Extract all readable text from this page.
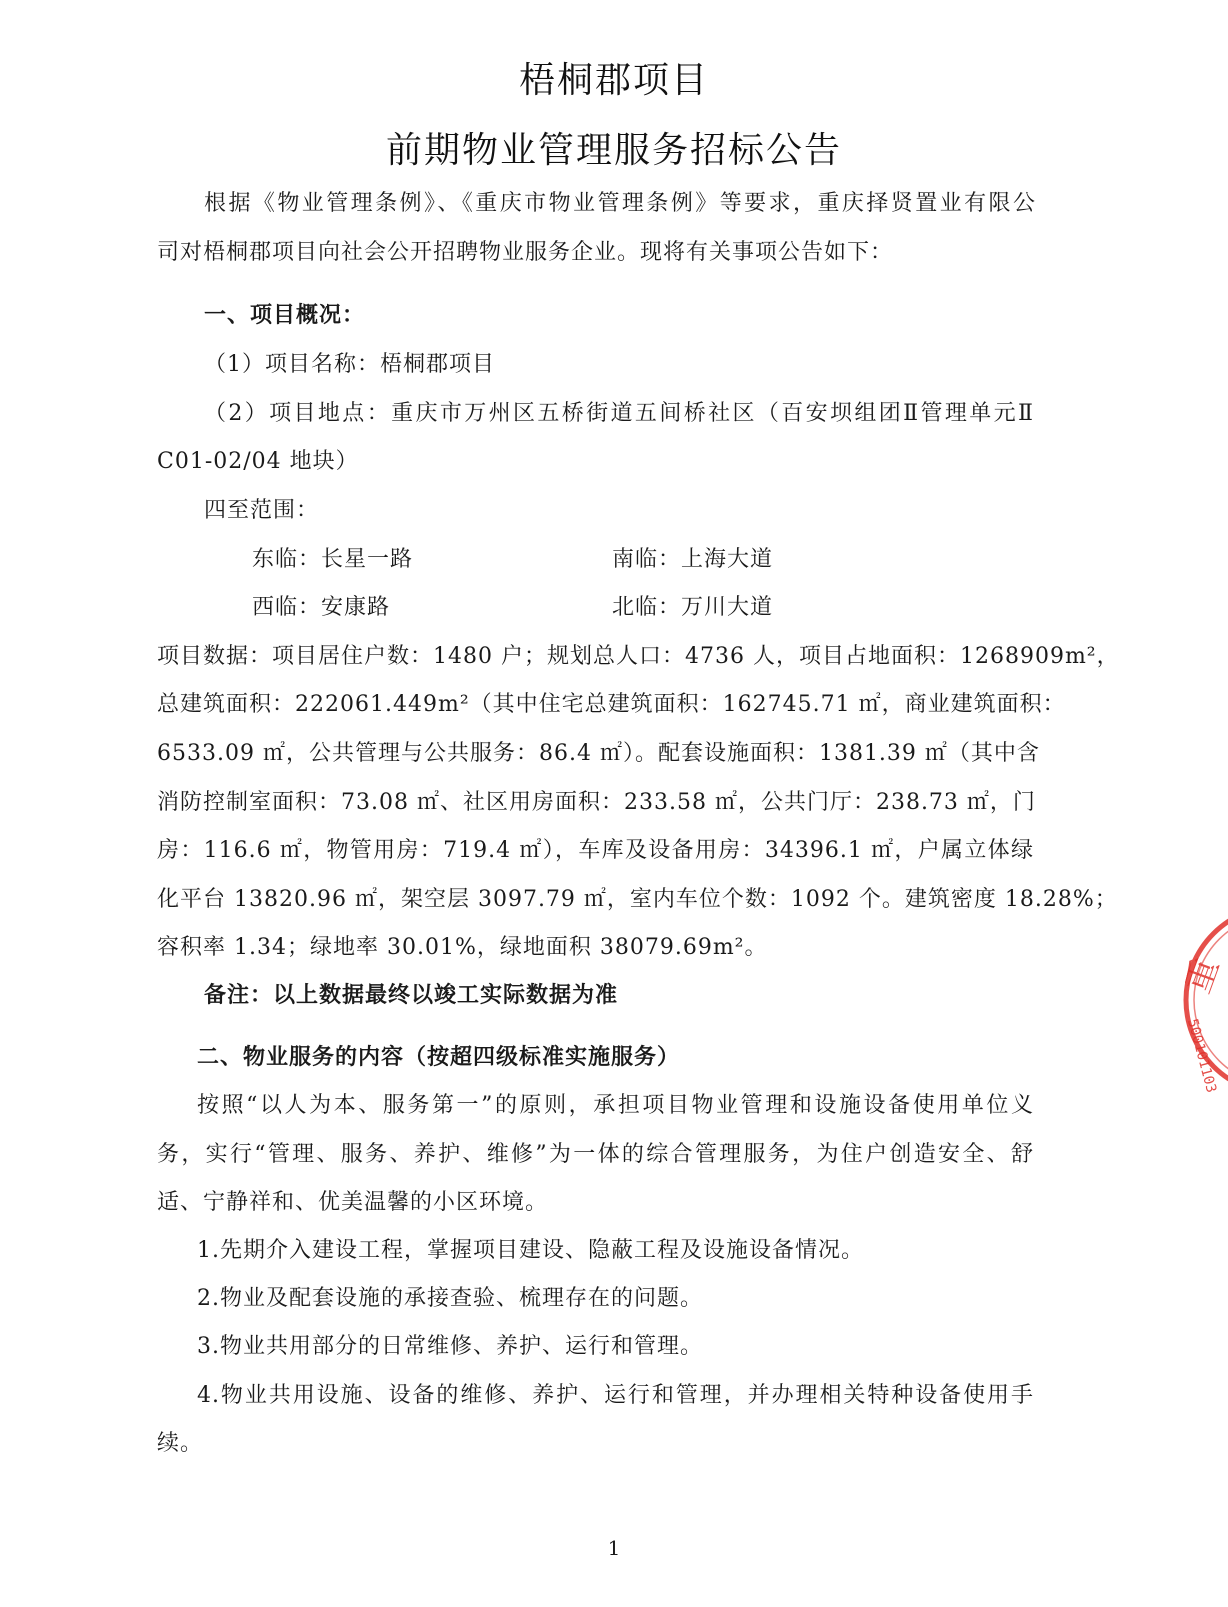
梧桐郡项目
前期物业管理服务招标公告
根据《物业管理条例》、《重庆市物业管理条例》等要求，重庆择贤置业有限公
司对梧桐郡项目向社会公开招聘物业服务企业。现将有关事项公告如下：
一、项目概况：
（1）项目名称：梧桐郡项目
（2）项目地点：重庆市万州区五桥街道五间桥社区（百安坝组团Ⅱ管理单元Ⅱ
C01-02/04 地块）
四至范围：
东临：长星一路	南临：上海大道
西临：安康路	北临：万川大道
项目数据：项目居住户数：1480 户；规划总人口：4736 人，项目占地面积：1268909m²，
总建筑面积：222061.449m²（其中住宅总建筑面积：162745.71 ㎡，商业建筑面积：
6533.09 ㎡，公共管理与公共服务：86.4 ㎡）。配套设施面积：1381.39 ㎡（其中含
消防控制室面积：73.08 ㎡、社区用房面积：233.58 ㎡，公共门厅：238.73 ㎡，门
房：116.6 ㎡，物管用房：719.4 ㎡），车库及设备用房：34396.1 ㎡，户属立体绿
化平台 13820.96 ㎡，架空层 3097.79 ㎡，室内车位个数：1092 个。建筑密度 18.28%；
容积率 1.34；绿地率 30.01%，绿地面积 38079.69m²。
备注：以上数据最终以竣工实际数据为准
二、物业服务的内容（按超四级标准实施服务）
按照“以人为本、服务第一”的原则，承担项目物业管理和设施设备使用单位义
务，实行“管理、服务、养护、维修”为一体的综合管理服务，为住户创造安全、舒
适、宁静祥和、优美温馨的小区环境。
1.先期介入建设工程，掌握项目建设、隐蔽工程及设施设备情况。
2.物业及配套设施的承接查验、梳理存在的问题。
3.物业共用部分的日常维修、养护、运行和管理。
4.物业共用设施、设备的维修、养护、运行和管理，并办理相关特种设备使用手
续。
1
重
500101103
